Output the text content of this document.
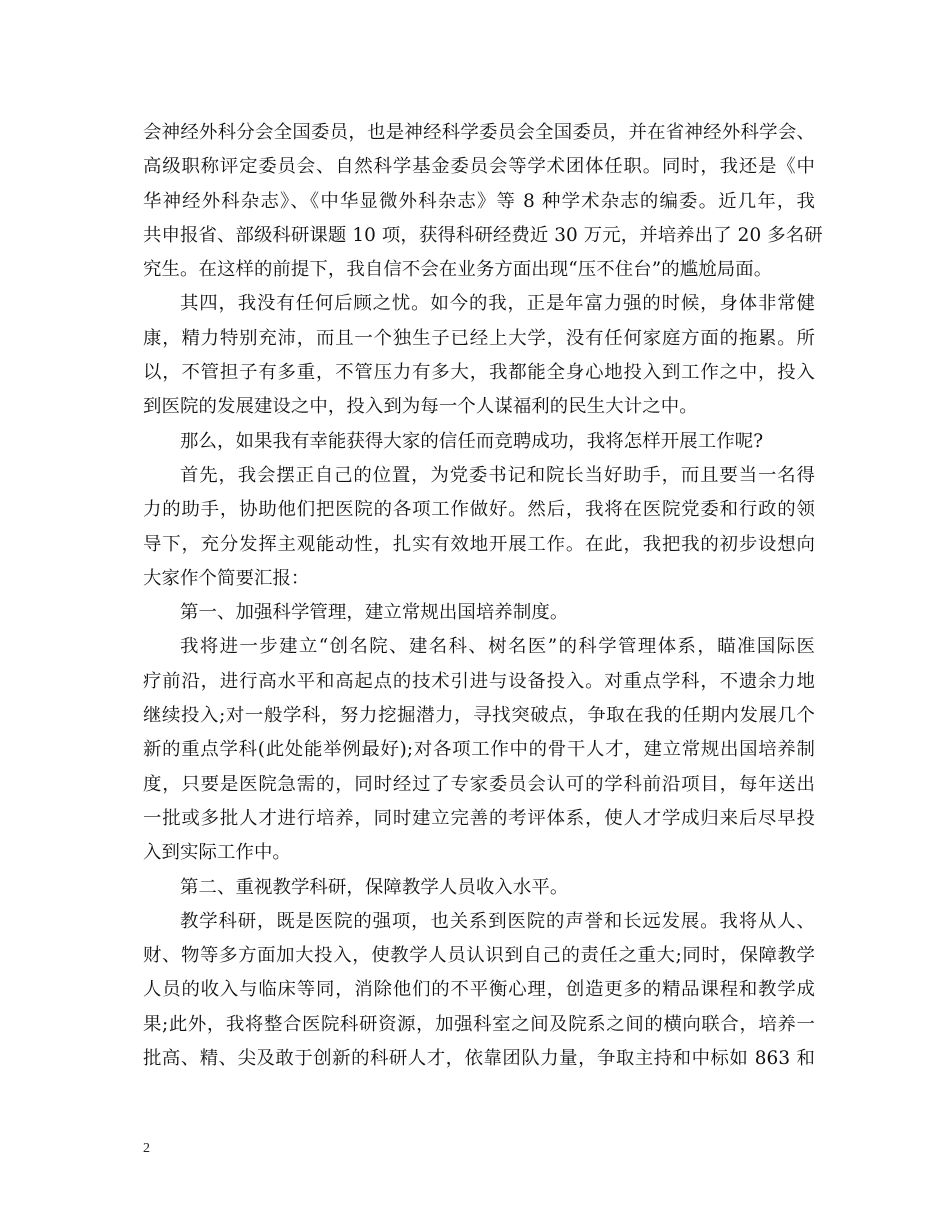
会神经外科分会全国委员，也是神经科学委员会全国委员，并在省神经外科学会、
高级职称评定委员会、自然科学基金委员会等学术团体任职。同时，我还是《中
华神经外科杂志》、《中华显微外科杂志》等 8 种学术杂志的编委。近几年，我
共申报省、部级科研课题 10 项，获得科研经费近 30 万元，并培养出了 20 多名研
究生。在这样的前提下，我自信不会在业务方面出现“压不住台”的尴尬局面。
其四，我没有任何后顾之忧。如今的我，正是年富力强的时候，身体非常健
康，精力特别充沛，而且一个独生子已经上大学，没有任何家庭方面的拖累。所
以，不管担子有多重，不管压力有多大，我都能全身心地投入到工作之中，投入
到医院的发展建设之中，投入到为每一个人谋福利的民生大计之中。
那么，如果我有幸能获得大家的信任而竞聘成功，我将怎样开展工作呢?
首先，我会摆正自己的位置，为党委书记和院长当好助手，而且要当一名得
力的助手，协助他们把医院的各项工作做好。然后，我将在医院党委和行政的领
导下，充分发挥主观能动性，扎实有效地开展工作。在此，我把我的初步设想向
大家作个简要汇报：
第一、加强科学管理，建立常规出国培养制度。
我将进一步建立“创名院、建名科、树名医”的科学管理体系，瞄准国际医
疗前沿，进行高水平和高起点的技术引进与设备投入。对重点学科，不遗余力地
继续投入;对一般学科，努力挖掘潜力，寻找突破点，争取在我的任期内发展几个
新的重点学科(此处能举例最好);对各项工作中的骨干人才，建立常规出国培养制
度，只要是医院急需的，同时经过了专家委员会认可的学科前沿项目，每年送出
一批或多批人才进行培养，同时建立完善的考评体系，使人才学成归来后尽早投
入到实际工作中。
第二、重视教学科研，保障教学人员收入水平。
教学科研，既是医院的强项，也关系到医院的声誉和长远发展。我将从人、
财、物等多方面加大投入，使教学人员认识到自己的责任之重大;同时，保障教学
人员的收入与临床等同，消除他们的不平衡心理，创造更多的精品课程和教学成
果;此外，我将整合医院科研资源，加强科室之间及院系之间的横向联合，培养一
批高、精、尖及敢于创新的科研人才，依靠团队力量，争取主持和中标如 863 和
2
